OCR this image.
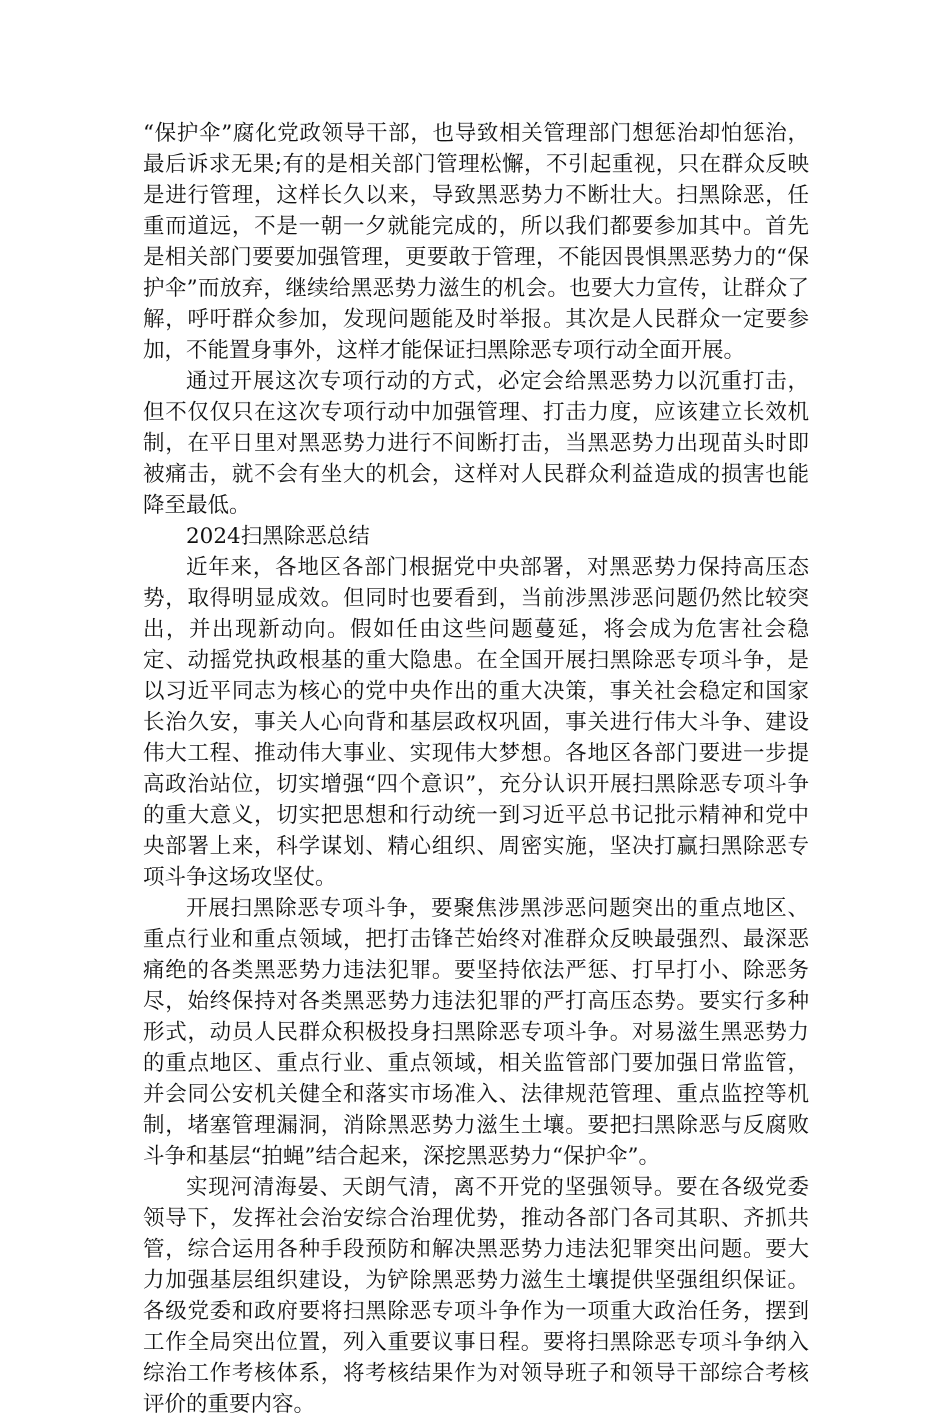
“保护伞”腐化党政领导干部，也导致相关管理部门想惩治却怕惩治，最后诉求无果;有的是相关部门管理松懈，不引起重视，只在群众反映是进行管理，这样长久以来，导致黑恶势力不断壮大。扫黑除恶，任重而道远，不是一朝一夕就能完成的，所以我们都要参加其中。首先是相关部门要要加强管理，更要敢于管理，不能因畏惧黑恶势力的“保护伞”而放弃，继续给黑恶势力滋生的机会。也要大力宣传，让群众了解，呼吁群众参加，发现问题能及时举报。其次是人民群众一定要参加，不能置身事外，这样才能保证扫黑除恶专项行动全面开展。

通过开展这次专项行动的方式，必定会给黑恶势力以沉重打击，但不仅仅只在这次专项行动中加强管理、打击力度，应该建立长效机制，在平日里对黑恶势力进行不间断打击，当黑恶势力出现苗头时即被痛击，就不会有坐大的机会，这样对人民群众利益造成的损害也能降至最低。

2024扫黑除恶总结

近年来，各地区各部门根据党中央部署，对黑恶势力保持高压态势，取得明显成效。但同时也要看到，当前涉黑涉恶问题仍然比较突出，并出现新动向。假如任由这些问题蔓延，将会成为危害社会稳定、动摇党执政根基的重大隐患。在全国开展扫黑除恶专项斗争，是以习近平同志为核心的党中央作出的重大决策，事关社会稳定和国家长治久安，事关人心向背和基层政权巩固，事关进行伟大斗争、建设伟大工程、推动伟大事业、实现伟大梦想。各地区各部门要进一步提高政治站位，切实增强“四个意识”，充分认识开展扫黑除恶专项斗争的重大意义，切实把思想和行动统一到习近平总书记批示精神和党中央部署上来，科学谋划、精心组织、周密实施，坚决打赢扫黑除恶专项斗争这场攻坚仗。

开展扫黑除恶专项斗争，要聚焦涉黑涉恶问题突出的重点地区、重点行业和重点领域，把打击锋芒始终对准群众反映最强烈、最深恶痛绝的各类黑恶势力违法犯罪。要坚持依法严惩、打早打小、除恶务尽，始终保持对各类黑恶势力违法犯罪的严打高压态势。要实行多种形式，动员人民群众积极投身扫黑除恶专项斗争。对易滋生黑恶势力的重点地区、重点行业、重点领域，相关监管部门要加强日常监管，并会同公安机关健全和落实市场准入、法律规范管理、重点监控等机制，堵塞管理漏洞，消除黑恶势力滋生土壤。要把扫黑除恶与反腐败斗争和基层“拍蝇”结合起来，深挖黑恶势力“保护伞”。

实现河清海晏、天朗气清，离不开党的坚强领导。要在各级党委领导下，发挥社会治安综合治理优势，推动各部门各司其职、齐抓共管，综合运用各种手段预防和解决黑恶势力违法犯罪突出问题。要大力加强基层组织建设，为铲除黑恶势力滋生土壤提供坚强组织保证。各级党委和政府要将扫黑除恶专项斗争作为一项重大政治任务，摆到工作全局突出位置，列入重要议事日程。要将扫黑除恶专项斗争纳入综治工作考核体系，将考核结果作为对领导班子和领导干部综合考核评价的重要内容。
